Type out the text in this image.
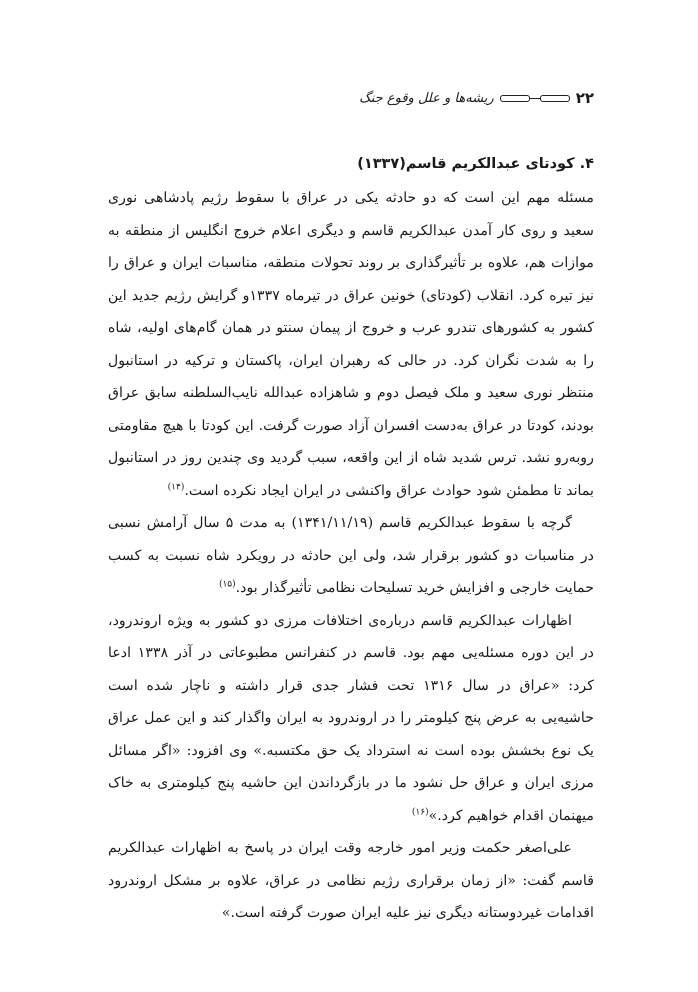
۲۲
ریشه‌ها و علل وقوع جنگ
۴. کودتای عبدالکریم قاسم(۱۳۳۷)

مسئله مهم این است که دو حادثه یکی در عراق با سقوط رژیم پادشاهی نوری سعید و روی کار آمدن عبدالکریم قاسم و دیگری اعلام خروج انگلیس از منطقه به موازات هم، علاوه بر تأثیرگذاری بر روند تحولات منطقه، مناسبات ایران و عراق را نیز تیره کرد. انقلاب (کودتای) خونین عراق در تیرماه ۱۳۳۷و گرایش رژیم جدید این کشور به کشورهای تندرو عرب و خروج از پیمان سنتو در همان گام‌های اولیه، شاه را به شدت نگران کرد. در حالی که رهبران ایران، پاکستان و ترکیه در استانبول منتظر نوری سعید و ملک فیصل دوم و شاهزاده عبدالله نایب‌السلطنه سابق عراق بودند، کودتا در عراق به‌دست افسران آزاد صورت گرفت. این کودتا با هیچ مقاومتی روبه‌رو نشد. ترس شدید شاه از این واقعه، سبب گردید وی چندین روز در استانبول بماند تا مطمئن شود حوادث عراق واکنشی در ایران ایجاد نکرده است.$^{(۱۴)}$

گرچه با سقوط عبدالکریم قاسم (۱۳۴۱/۱۱/۱۹) به مدت ۵ سال آرامش نسبی در مناسبات دو کشور برقرار شد، ولی این حادثه در رویکرد شاه نسبت به کسب حمایت خارجی و افزایش خرید تسلیحات نظامی تأثیرگذار بود.$^{(۱۵)}$

اظهارات عبدالکریم قاسم درباره‌ی اختلافات مرزی دو کشور به ویژه اروندرود، در این دوره مسئله‌یی مهم بود. قاسم در کنفرانس مطبوعاتی در آذر ۱۳۳۸ ادعا کرد: «عراق در سال ۱۳۱۶ تحت فشار جدی قرار داشته و ناچار شده است حاشیه‌یی به عرض پنج کیلومتر را در اروندرود به ایران واگذار کند و این عمل عراق یک نوع بخشش بوده است نه استرداد یک حق مکتسبه.» وی افزود: «اگر مسائل مرزی ایران و عراق حل نشود ما در بازگرداندن این حاشیه پنج کیلومتری به خاک میهنمان اقدام خواهیم کرد.»$^{(۱۶)}$

علی‌اصغر حکمت وزیر امور خارجه وقت ایران در پاسخ به اظهارات عبدالکریم قاسم گفت: «از زمان برقراری رژیم نظامی در عراق، علاوه بر مشکل اروندرود اقدامات غیردوستانه دیگری نیز علیه ایران صورت گرفته است.»
